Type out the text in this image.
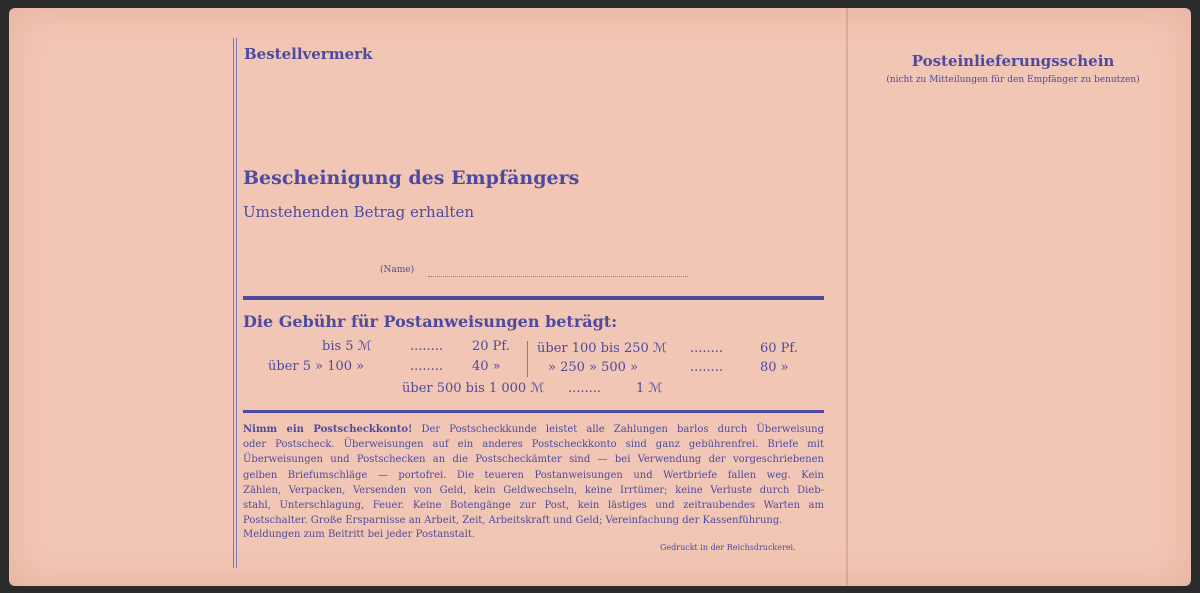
Bestellvermerk	Posteinlieferungsschein
(nicht zu Mitteilungen für den Empfänger zu benutzen)
Bescheinigung des Empfängers
Umstehenden Betrag erhalten
(Name)
Die Gebühr für Postanweisungen beträgt:
bis 5 ℳ	........ 20 Pf.
über 5 » 100 »	........ 40 »
über 100 bis 250 ℳ ........	60 Pf.
» 250 » 500 »	........	80 »
über 500 bis 1 000 ℳ ........	1 ℳ

Nimm ein Postscheckkonto! Der Postscheckkunde leistet alle Zahlungen barlos durch Überweisung

oder Postscheck. Überweisungen auf ein anderes Postscheckkonto sind ganz gebührenfrei. Briefe mit

Überweisungen und Postschecken an die Postscheckämter sind — bei Verwendung der vorgeschriebenen

gelben Briefumschläge — portofrei. Die teueren Postanweisungen und Wertbriefe fallen weg. Kein

Zählen, Verpacken, Versenden von Geld, kein Geldwechseln, keine Irrtümer; keine Verluste durch Dieb-

stahl, Unterschlagung, Feuer. Keine Botengänge zur Post, kein lästiges und zeitraubendes Warten am

Postschalter. Große Ersparnisse an Arbeit, Zeit, Arbeitskraft und Geld; Vereinfachung der Kassenführung.

Meldungen zum Beitritt bei jeder Postanstalt.
Gedruckt in der Reichsdruckerei.
